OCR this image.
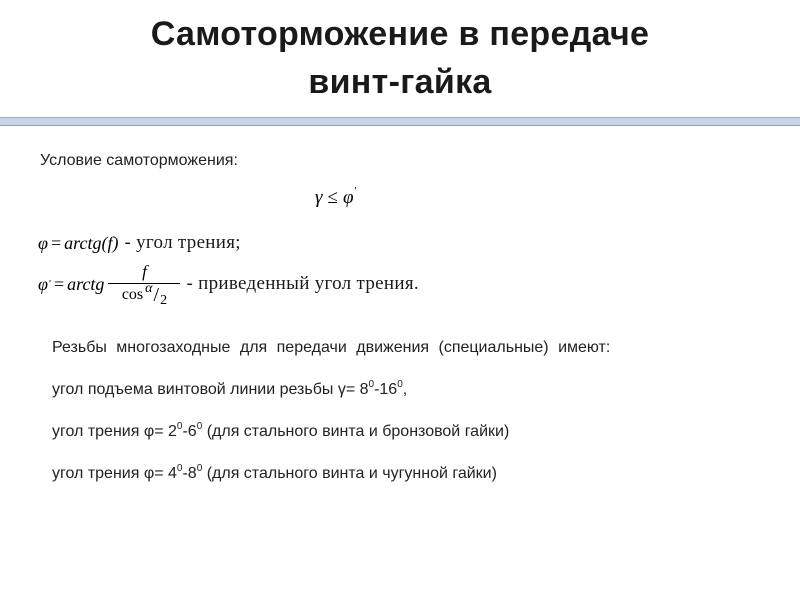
Самоторможение в передаче
винт-гайка
Условие самоторможения:
γ ≤ φ'
φ = arctg (f) - угол трения;
φ ' = arctg $\frac{f}{\text{cos α / 2}}$ - приведенный угол трения.

Резьбы многозаходные для передачи движения (специальные) имеют:

угол подъема винтовой линии резьбы $\gamma= 8^0-16^0$,

угол трения $\varphi= 2^0-6^0$ (для стального винта и бронзовой гайки)

угол трения $\varphi= 4^0-8^0$ (для стального винта и чугунной гайки)
